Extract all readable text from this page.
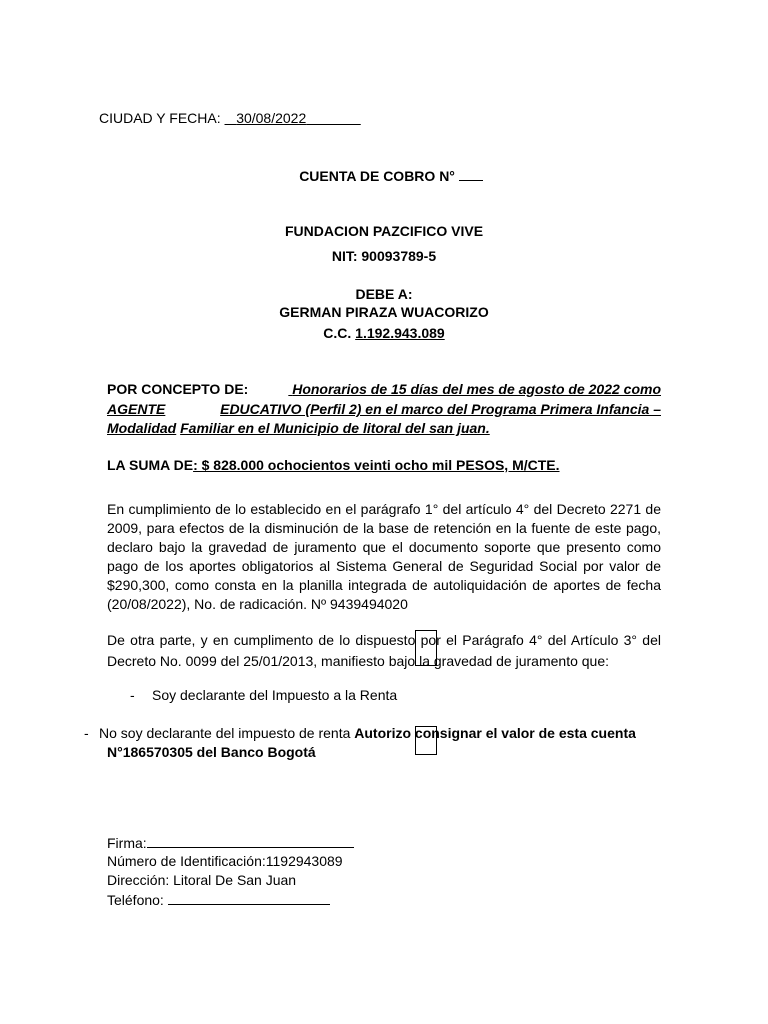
CIUDAD Y FECHA: 30/08/2022
CUENTA DE COBRO N°
FUNDACION PAZCIFICO VIVE
NIT: 90093789-5
DEBE A:
GERMAN PIRAZA WUACORIZO
C.C. 1.192.943.089
POR CONCEPTO DE:	Honorarios de 15 días del mes de agosto de 2022 como
AGENTE	EDUCATIVO (Perfil 2) en el marco del Programa Primera Infancia –
Modalidad Familiar en el Municipio de litoral del san juan.
LA SUMA DE: $ 828.000 ochocientos veinti ocho mil PESOS, M/CTE.
En cumplimiento de lo establecido en el parágrafo 1° del artículo 4° del Decreto 2271 de
2009, para efectos de la disminución de la base de retención en la fuente de este pago,
declaro bajo la gravedad de juramento que el documento soporte que presento como
pago de los aportes obligatorios al Sistema General de Seguridad Social por valor de
$290,300, como consta en la planilla integrada de autoliquidación de aportes de fecha
(20/08/2022), No. de radicación. Nº 9439494020
De otra parte, y en cumplimento de lo dispuesto por el Parágrafo 4° del Artículo 3° del
Decreto No. 0099 del 25/01/2013, manifiesto bajo la gravedad de juramento que:
- Soy declarante del Impuesto a la Renta
- No soy declarante del impuesto de renta Autorizo consignar el valor de esta cuenta
N°186570305 del Banco Bogotá
Firma:
Número de Identificación:1192943089
Dirección: Litoral De San Juan
Teléfono:
